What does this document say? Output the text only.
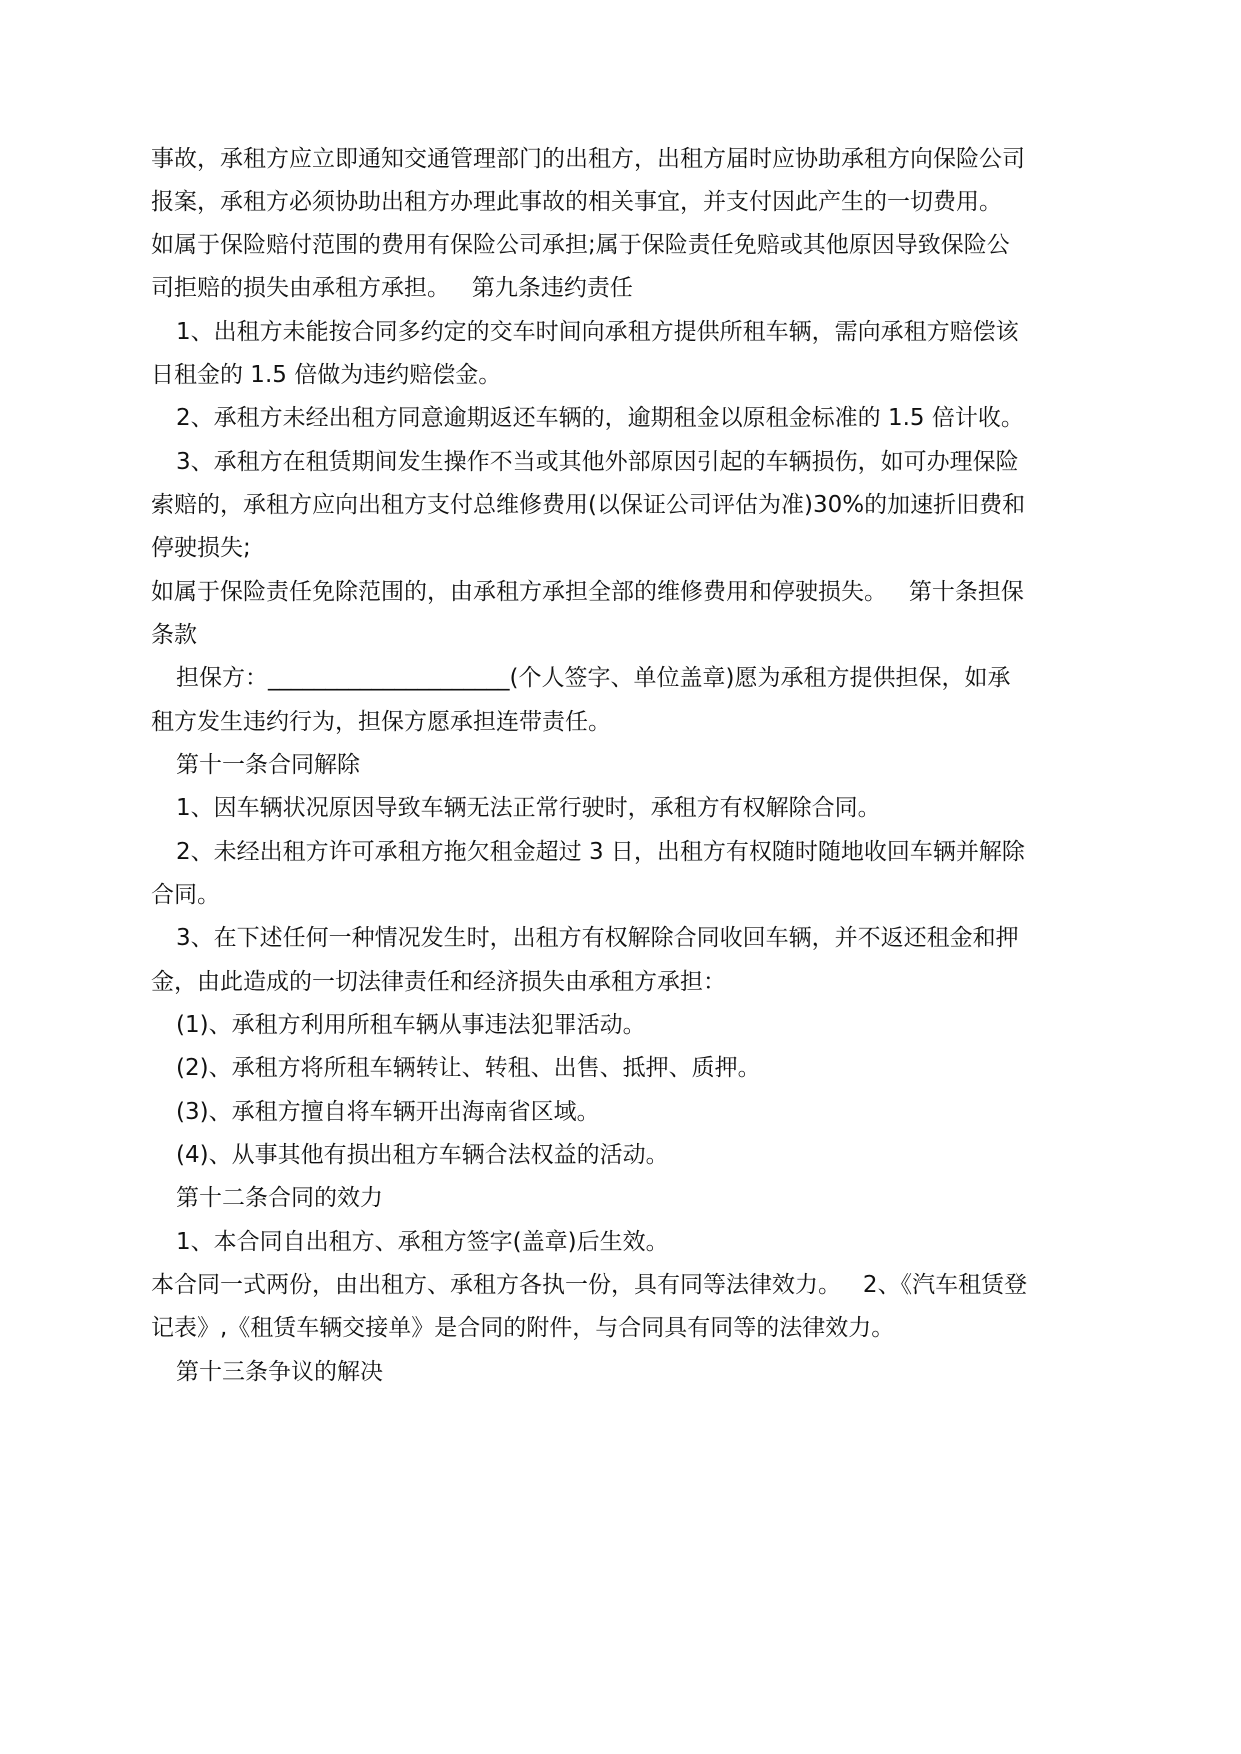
事故，承租方应立即通知交通管理部门的出租方，出租方届时应协助承租方向保险公司

报案，承租方必须协助出租方办理此事故的相关事宜，并支付因此产生的一切费用。

如属于保险赔付范围的费用有保险公司承担;属于保险责任免赔或其他原因导致保险公

司拒赔的损失由承租方承担。   第九条违约责任

1、出租方未能按合同多约定的交车时间向承租方提供所租车辆，需向承租方赔偿该

日租金的 1.5 倍做为违约赔偿金。

2、承租方未经出租方同意逾期返还车辆的，逾期租金以原租金标准的 1.5 倍计收。

3、承租方在租赁期间发生操作不当或其他外部原因引起的车辆损伤，如可办理保险

索赔的，承租方应向出租方支付总维修费用(以保证公司评估为准)30%的加速折旧费和

停驶损失;

如属于保险责任免除范围的，由承租方承担全部的维修费用和停驶损失。   第十条担保

条款

担保方：_____________________(个人签字、单位盖章)愿为承租方提供担保，如承

租方发生违约行为，担保方愿承担连带责任。

第十一条合同解除

1、因车辆状况原因导致车辆无法正常行驶时，承租方有权解除合同。

2、未经出租方许可承租方拖欠租金超过 3 日，出租方有权随时随地收回车辆并解除

合同。

3、在下述任何一种情况发生时，出租方有权解除合同收回车辆，并不返还租金和押

金，由此造成的一切法律责任和经济损失由承租方承担：

(1)、承租方利用所租车辆从事违法犯罪活动。

(2)、承租方将所租车辆转让、转租、出售、抵押、质押。

(3)、承租方擅自将车辆开出海南省区域。

(4)、从事其他有损出租方车辆合法权益的活动。

第十二条合同的效力

1、本合同自出租方、承租方签字(盖章)后生效。

本合同一式两份，由出租方、承租方各执一份，具有同等法律效力。   2、《汽车租赁登

记表》,《租赁车辆交接单》是合同的附件，与合同具有同等的法律效力。

第十三条争议的解决
